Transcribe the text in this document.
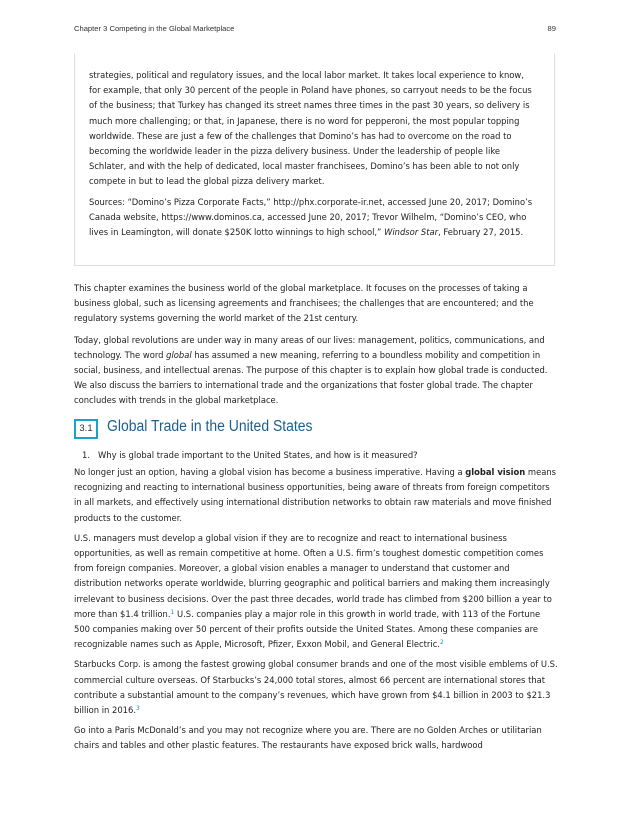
Chapter 3 Competing in the Global Marketplace	89

strategies, political and regulatory issues, and the local labor market. It takes local experience to know, for example, that only 30 percent of the people in Poland have phones, so carryout needs to be the focus of the business; that Turkey has changed its street names three times in the past 30 years, so delivery is much more challenging; or that, in Japanese, there is no word for pepperoni, the most popular topping worldwide. These are just a few of the challenges that Domino’s has had to overcome on the road to becoming the worldwide leader in the pizza delivery business. Under the leadership of people like Schlater, and with the help of dedicated, local master franchisees, Domino’s has been able to not only compete in but to lead the global pizza delivery market.

Sources: “Domino’s Pizza Corporate Facts,” http://phx.corporate-ir.net, accessed June 20, 2017; Domino’s Canada website, https://www.dominos.ca, accessed June 20, 2017; Trevor Wilhelm, “Domino’s CEO, who lives in Leamington, will donate $250K lotto winnings to high school,” Windsor Star, February 27, 2015.

This chapter examines the business world of the global marketplace. It focuses on the processes of taking a business global, such as licensing agreements and franchisees; the challenges that are encountered; and the regulatory systems governing the world market of the 21st century.

Today, global revolutions are under way in many areas of our lives: management, politics, communications, and technology. The word global has assumed a new meaning, referring to a boundless mobility and competition in social, business, and intellectual arenas. The purpose of this chapter is to explain how global trade is conducted. We also discuss the barriers to international trade and the organizations that foster global trade. The chapter concludes with trends in the global marketplace.

3.1 Global Trade in the United States
1. Why is global trade important to the United States, and how is it measured?

No longer just an option, having a global vision has become a business imperative. Having a global vision means recognizing and reacting to international business opportunities, being aware of threats from foreign competitors in all markets, and effectively using international distribution networks to obtain raw materials and move finished products to the customer.

U.S. managers must develop a global vision if they are to recognize and react to international business opportunities, as well as remain competitive at home. Often a U.S. firm’s toughest domestic competition comes from foreign companies. Moreover, a global vision enables a manager to understand that customer and distribution networks operate worldwide, blurring geographic and political barriers and making them increasingly irrelevant to business decisions. Over the past three decades, world trade has climbed from $200 billion a year to more than $1.4 trillion.$^1$ U.S. companies play a major role in this growth in world trade, with 113 of the Fortune 500 companies making over 50 percent of their profits outside the United States. Among these companies are recognizable names such as Apple, Microsoft, Pfizer, Exxon Mobil, and General Electric.$^2$

Starbucks Corp. is among the fastest growing global consumer brands and one of the most visible emblems of U.S. commercial culture overseas. Of Starbucks’s 24,000 total stores, almost 66 percent are international stores that contribute a substantial amount to the company’s revenues, which have grown from $4.1 billion in 2003 to $21.3 billion in 2016.$^3$

Go into a Paris McDonald’s and you may not recognize where you are. There are no Golden Arches or utilitarian chairs and tables and other plastic features. The restaurants have exposed brick walls, hardwood
